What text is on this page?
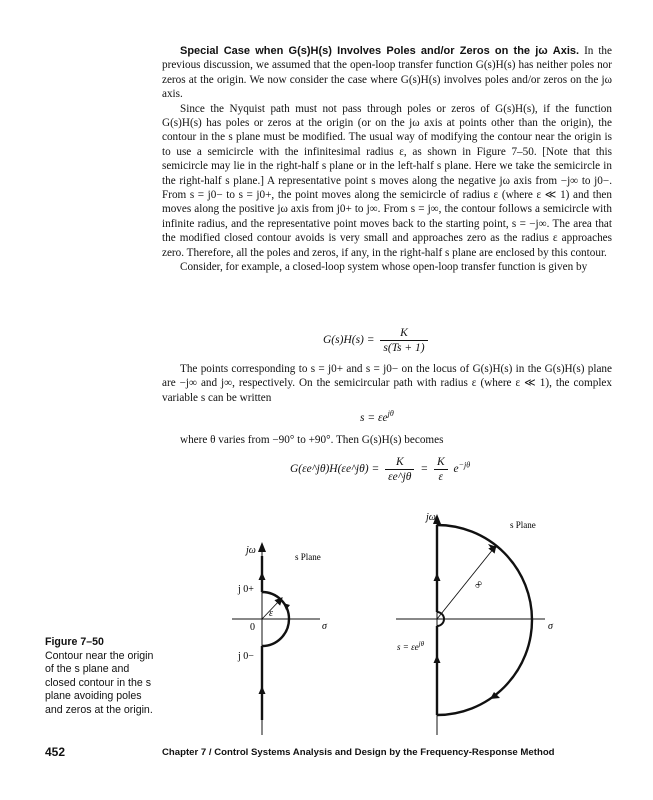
Special Case when G(s)H(s) Involves Poles and/or Zeros on the jω Axis. In the previous discussion, we assumed that the open-loop transfer function G(s)H(s) has neither poles nor zeros at the origin. We now consider the case where G(s)H(s) involves poles and/or zeros on the jω axis.

Since the Nyquist path must not pass through poles or zeros of G(s)H(s), if the function G(s)H(s) has poles or zeros at the origin (or on the jω axis at points other than the origin), the contour in the s plane must be modified. The usual way of modifying the contour near the origin is to use a semicircle with the infinitesimal radius ε, as shown in Figure 7–50. [Note that this semicircle may lie in the right-half s plane or in the left-half s plane. Here we take the semicircle in the right-half s plane.] A representative point s moves along the negative jω axis from −j∞ to j0−. From s = j0− to s = j0+, the point moves along the semicircle of radius ε (where ε ≪ 1) and then moves along the positive jω axis from j0+ to j∞. From s = j∞, the contour follows a semicircle with infinite radius, and the representative point moves back to the starting point, s = −j∞. The area that the modified closed contour avoids is very small and approaches zero as the radius ε approaches zero. Therefore, all the poles and zeros, if any, in the right-half s plane are enclosed by this contour.

Consider, for example, a closed-loop system whose open-loop transfer function is given by

$G(s)H(s) = \frac{K}{s(Ts + 1)}$

The points corresponding to s = j0+ and s = j0− on the locus of G(s)H(s) in the G(s)H(s) plane are −j∞ and j∞, respectively. On the semicircular path with radius ε (where ε ≪ 1), the complex variable s can be written

$s = \varepsilon e^{j\theta}$

where θ varies from −90° to +90°. Then G(s)H(s) becomes

G(εe^jθ)H(εe^jθ) = $\frac{K}{\varepsilon e\^{}j\theta} = \frac{K}{\varepsilon} e^{-j\theta}$
jω
s Plane
j 0+
0
j 0−
ε
σ
jω
s Plane
∞
σ
$s = \varepsilon e^{j\theta}$
Figure 7–50
Contour near the origin of the s plane and closed contour in the s plane avoiding poles and zeros at the origin.
452	Chapter 7 / Control Systems Analysis and Design by the Frequency-Response Method
